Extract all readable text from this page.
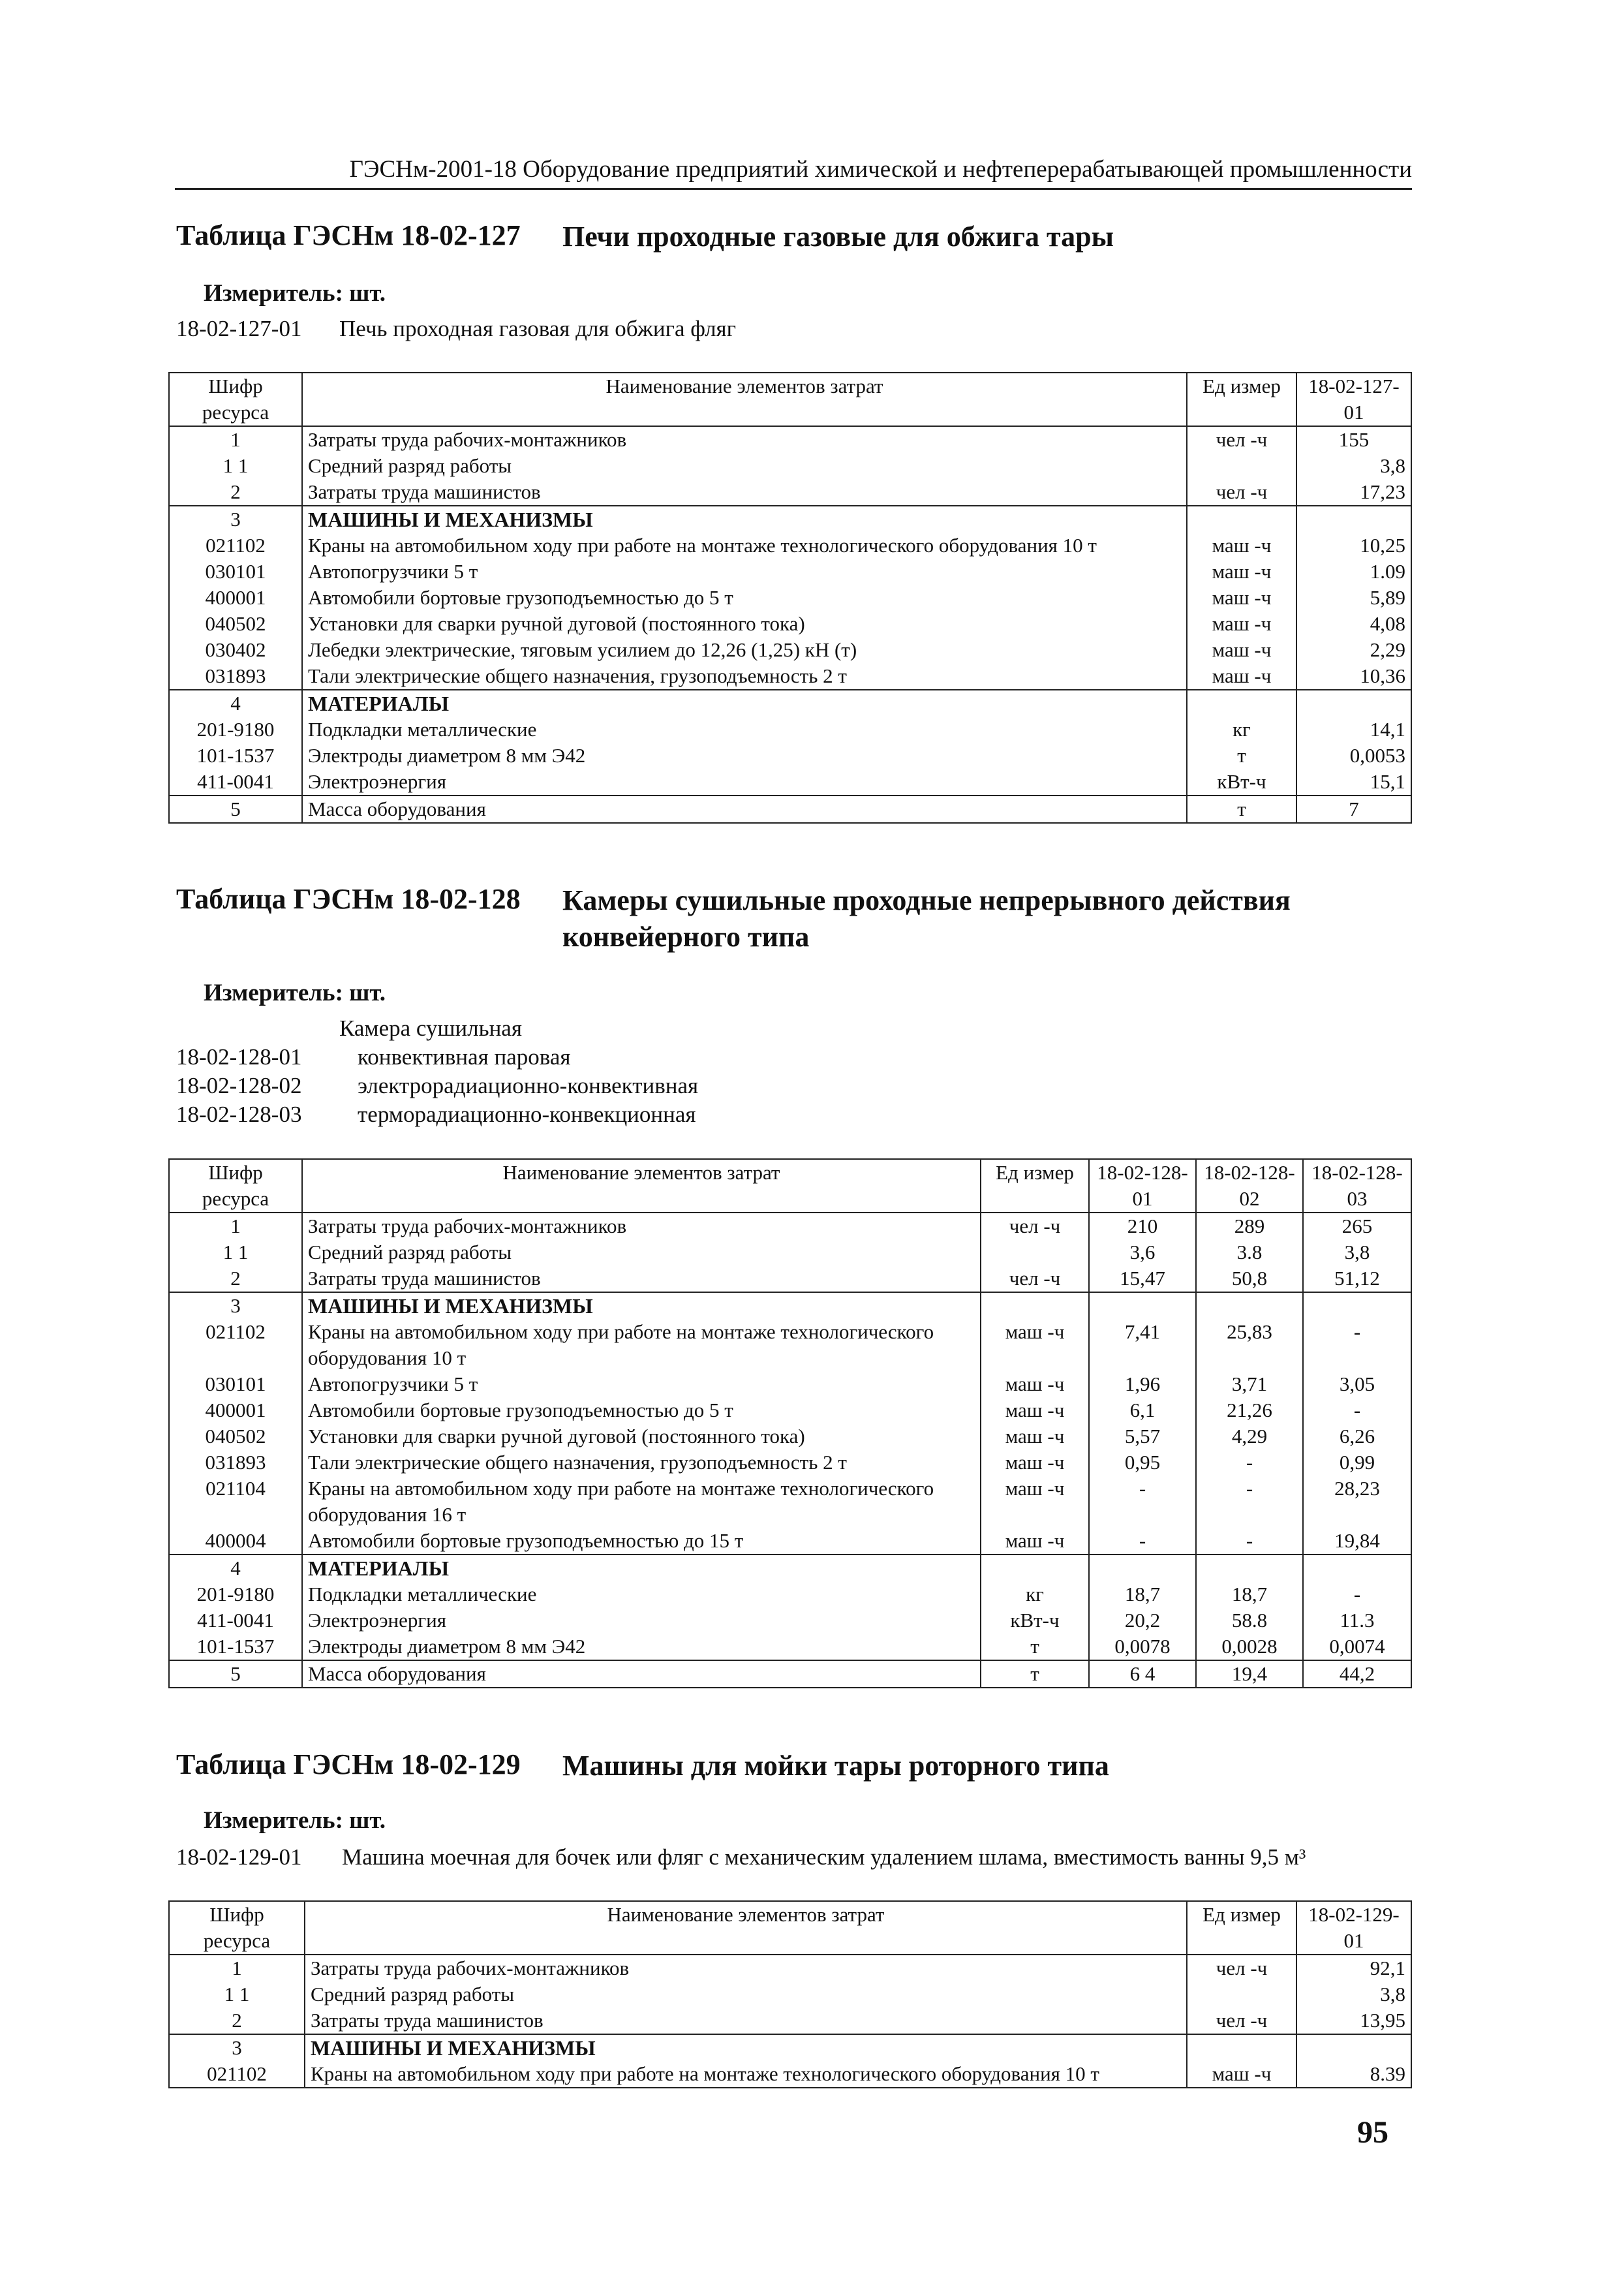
ГЭСНм-2001-18 Оборудование предприятий химической и нефтеперерабатывающей промышленности
Таблица ГЭСНм 18-02-127 Печи проходные газовые для обжига тары
Измеритель: шт.
18-02-127-01 Печь проходная газовая для обжига фляг
Шифр ресурса	Наименование элементов затрат	Ед измер	18-02-127-01
1	Затраты труда рабочих-монтажников	чел -ч	155
1 1	Средний разряд работы		3,8
2	Затраты труда машинистов	чел -ч	17,23
3	МАШИНЫ И МЕХАНИЗМЫ		
021102	Краны на автомобильном ходу при работе на монтаже технологического оборудования 10 т	маш -ч	10,25
030101	Автопогрузчики 5 т	маш -ч	1.09
400001	Автомобили бортовые грузоподъемностью до 5 т	маш -ч	5,89
040502	Установки для сварки ручной дуговой (постоянного тока)	маш -ч	4,08
030402	Лебедки электрические, тяговым усилием до 12,26 (1,25) кН (т)	маш -ч	2,29
031893	Тали электрические общего назначения, грузоподъемность 2 т	маш -ч	10,36
4	МАТЕРИАЛЫ		
201-9180	Подкладки металлические	кг	14,1
101-1537	Электроды диаметром 8 мм Э42	т	0,0053
411-0041	Электроэнергия	кВт-ч	15,1
5	Масса оборудования	т	7
Таблица ГЭСНм 18-02-128 Камеры сушильные проходные непрерывного действия конвейерного типа
Измеритель: шт.
Камера сушильная
18-02-128-01 конвективная паровая
18-02-128-02 электрорадиационно-конвективная
18-02-128-03 терморадиационно-конвекционная
Шифр ресурса	Наименование элементов затрат	Ед измер	18-02-128-01	18-02-128-02	18-02-128-03
1	Затраты труда рабочих-монтажников	чел -ч	210	289	265
1 1	Средний разряд работы		3,6	3.8	3,8
2	Затраты труда машинистов	чел -ч	15,47	50,8	51,12
3	МАШИНЫ И МЕХАНИЗМЫ				
021102	Краны на автомобильном ходу при работе на монтаже технологического оборудования 10 т	маш -ч	7,41	25,83	-
030101	Автопогрузчики 5 т	маш -ч	1,96	3,71	3,05
400001	Автомобили бортовые грузоподъемностью до 5 т	маш -ч	6,1	21,26	-
040502	Установки для сварки ручной дуговой (постоянного тока)	маш -ч	5,57	4,29	6,26
031893	Тали электрические общего назначения, грузоподъемность 2 т	маш -ч	0,95	-	0,99
021104	Краны на автомобильном ходу при работе на монтаже технологического оборудования 16 т	маш -ч	-	-	28,23
400004	Автомобили бортовые грузоподъемностью до 15 т	маш -ч	-	-	19,84
4	МАТЕРИАЛЫ				
201-9180	Подкладки металлические	кг	18,7	18,7	-
411-0041	Электроэнергия	кВт-ч	20,2	58.8	11.3
101-1537	Электроды диаметром 8 мм Э42	т	0,0078	0,0028	0,0074
5	Масса оборудования	т	6 4	19,4	44,2
Таблица ГЭСНм 18-02-129 Машины для мойки тары роторного типа
Измеритель: шт.
18-02-129-01 Машина моечная для бочек или фляг с механическим удалением шлама, вместимость ванны 9,5 м³
Шифр ресурса	Наименование элементов затрат	Ед измер	18-02-129-01
1	Затраты труда рабочих-монтажников	чел -ч	92,1
1 1	Средний разряд работы		3,8
2	Затраты труда машинистов	чел -ч	13,95
3	МАШИНЫ И МЕХАНИЗМЫ		
021102	Краны на автомобильном ходу при работе на монтаже технологического оборудования 10 т	маш -ч	8.39
95
